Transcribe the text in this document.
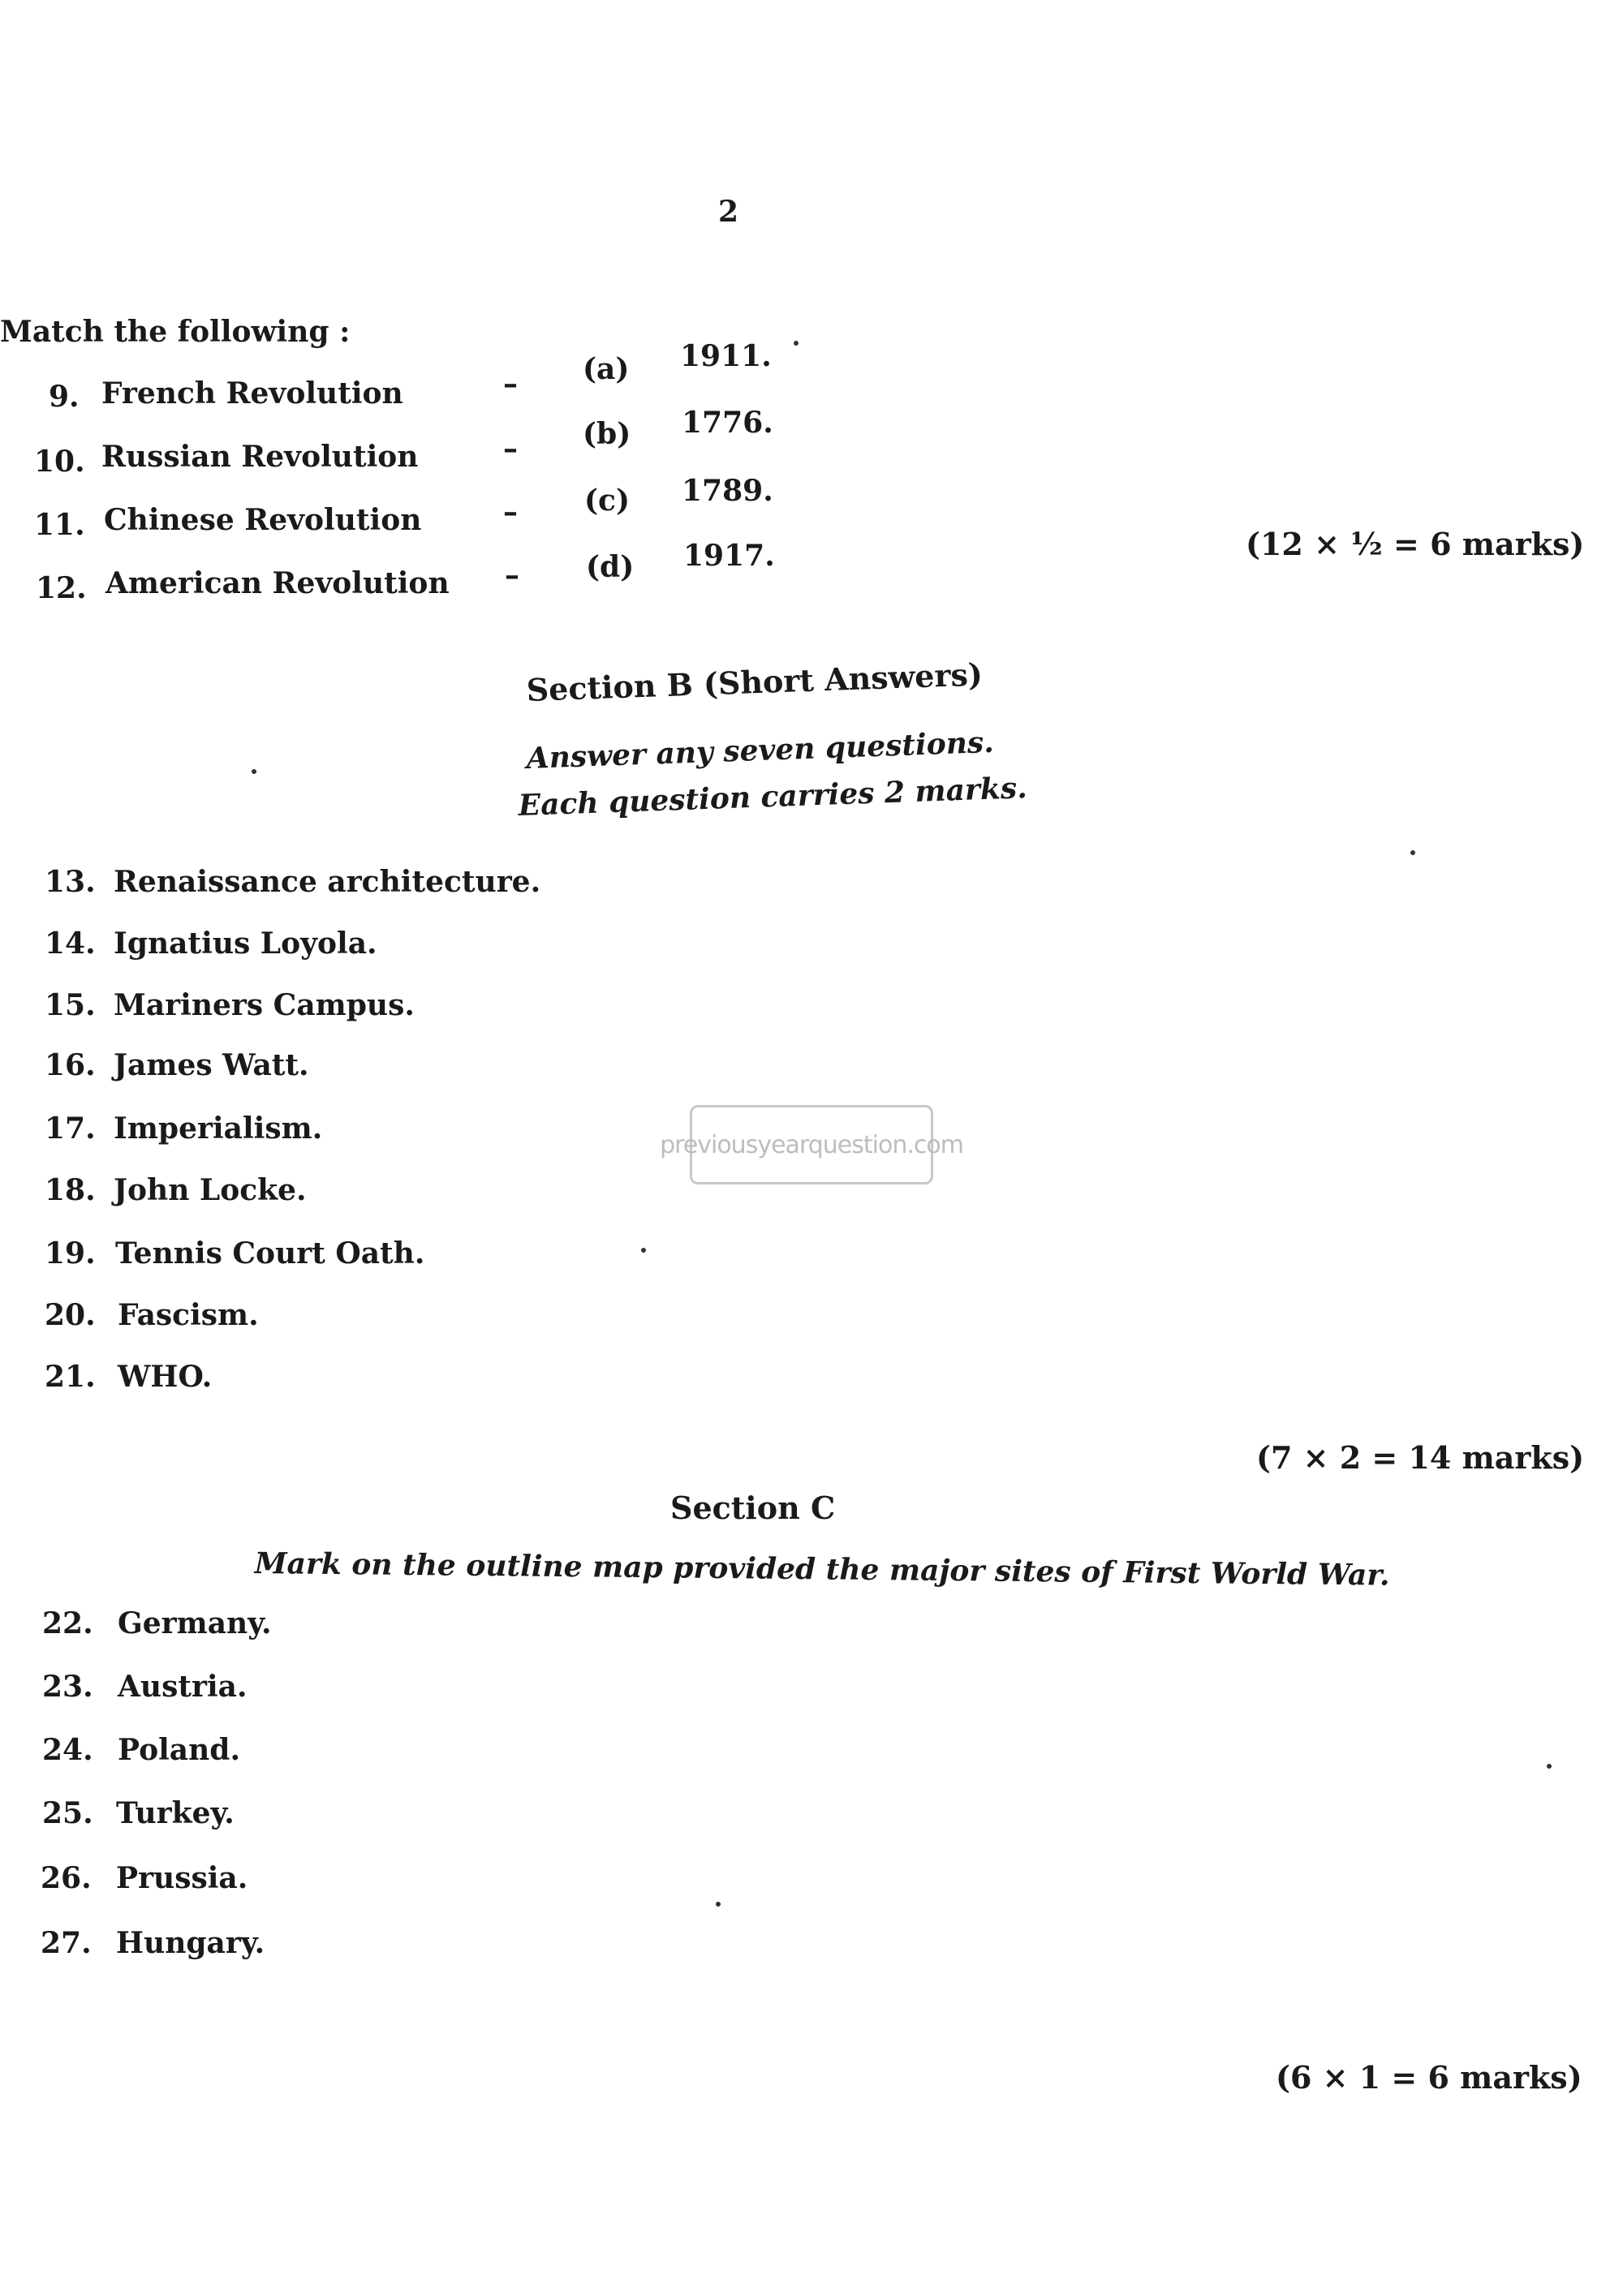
2
Match the following :
9. French Revolution	– (a) 1911.
10. Russian Revolution	– (b) 1776.
11. Chinese Revolution	– (c) 1789.
12. American Revolution – (d) 1917.	(12 × ½ = 6 marks)
Section B (Short Answers)
Answer any seven questions.
Each question carries 2 marks.
13. Renaissance architecture.
14. Ignatius Loyola.
15. Mariners Campus.
16. James Watt.
17. Imperialism.
18. John Locke.
19. Tennis Court Oath.
20. Fascism.
21. WHO.
(7 × 2 = 14 marks)
previousyearquestion.com
Section C
Mark on the outline map provided the major sites of First World War.
22. Germany.
23. Austria.
24. Poland.
25. Turkey.
26. Prussia.
27. Hungary.
(6 × 1 = 6 marks)
